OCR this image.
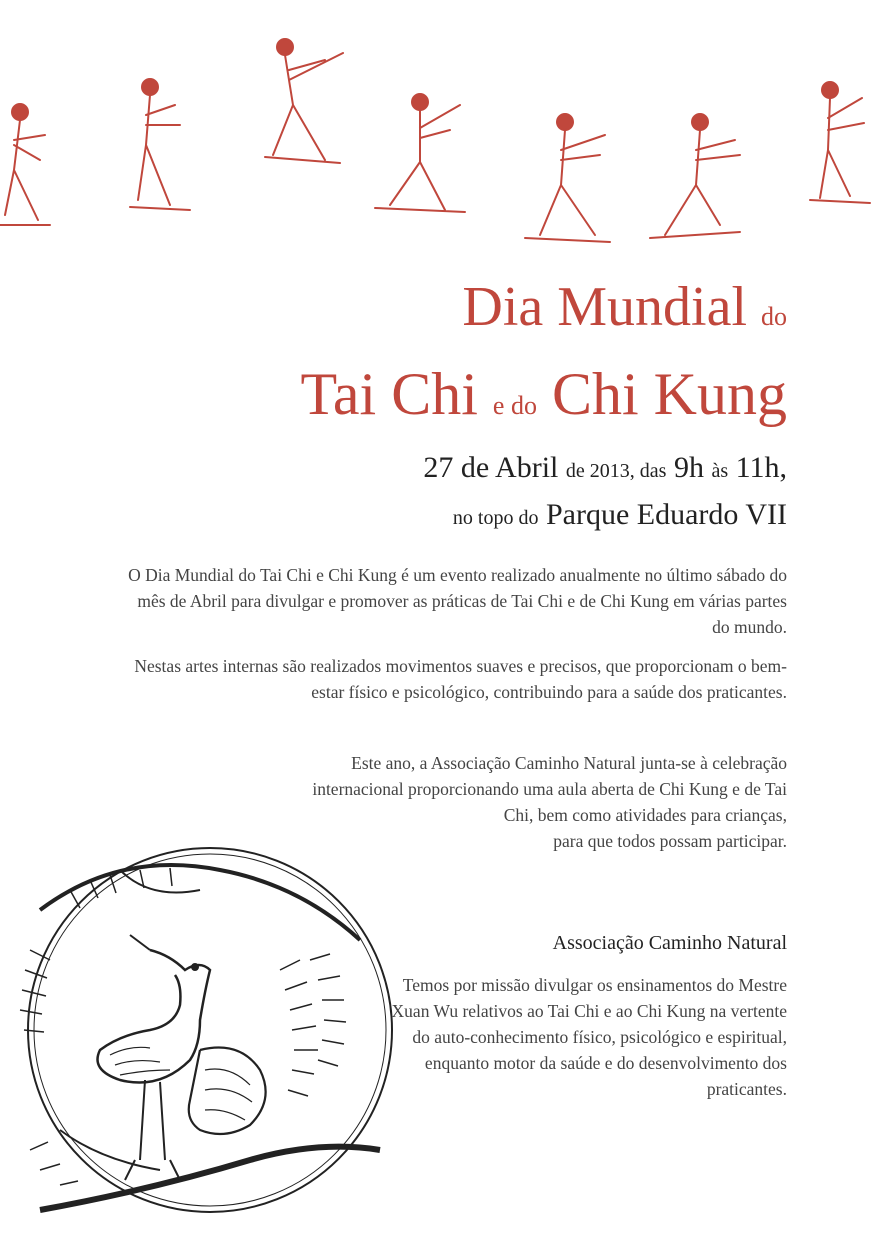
Dia Mundial do
Tai Chi e do Chi Kung
27 de Abril de 2013, das 9h às 11h,
no topo do Parque Eduardo VII
O Dia Mundial do Tai Chi e Chi Kung é um evento realizado anualmente no último sábado do mês de Abril para divulgar e promover as práticas de Tai Chi e de Chi Kung em várias partes do mundo.
Nestas artes internas são realizados movimentos suaves e precisos, que proporcionam o bem-estar físico e psicológico, contribuindo para a saúde dos praticantes.
Este ano, a Associação Caminho Natural junta-se à celebração
internacional proporcionando uma aula aberta de Chi Kung e de Tai
Chi, bem como atividades para crianças,
para que todos possam participar.
Associação Caminho Natural
Temos por missão divulgar os ensinamentos do Mestre Xuan Wu relativos ao Tai Chi e ao Chi Kung na vertente do auto-conhecimento físico, psicológico e espiritual, enquanto motor da saúde e do desenvolvimento dos praticantes.
